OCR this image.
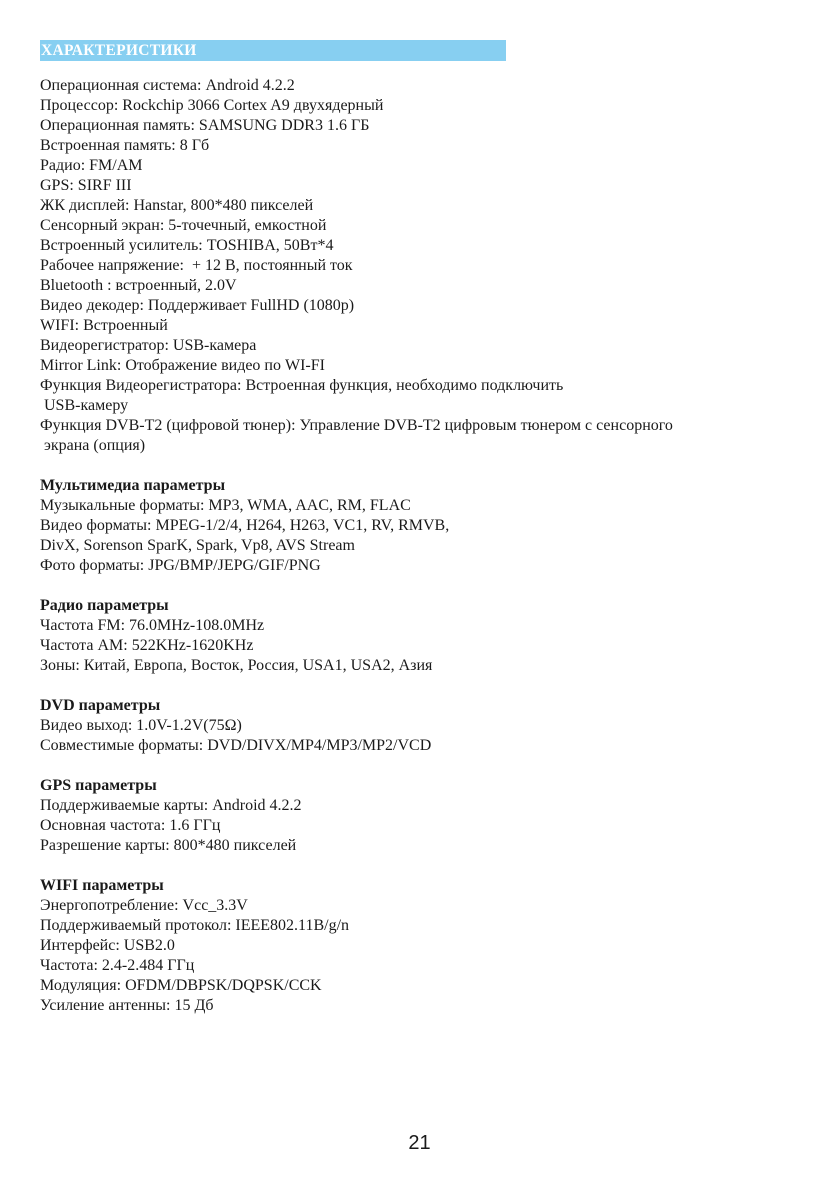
ХАРАКТЕРИСТИКИ
Операционная система: Android 4.2.2
Процессор: Rockchip 3066 Cortex A9 двухядерный
Операционная память: SAMSUNG DDR3 1.6 ГБ
Встроенная память: 8 Гб
Радио: FM/AM
GPS: SIRF III
ЖК дисплей: Hanstar, 800*480 пикселей
Сенсорный экран: 5-точечный, емкостной
Встроенный усилитель: TOSHIBA, 50Вт*4
Рабочее напряжение:  + 12 В, постоянный ток
Bluetooth : встроенный, 2.0V
Видео декодер: Поддерживает FullHD (1080p)
WIFI: Встроенный
Видеорегистратор: USB-камера
Mirror Link: Отображение видео по WI-FI
Функция Видеорегистратора: Встроенная функция, необходимо подключить
USB-камеру
Функция DVB-T2 (цифровой тюнер): Управление DVB-T2 цифровым тюнером с сенсорного
экрана (опция)
Мультимедиа параметры
Музыкальные форматы: MP3, WMA, AAC, RM, FLAC
Видео форматы: MPEG-1/2/4, H264, H263, VC1, RV, RMVB,
DivX, Sorenson SparK, Spark, Vp8, AVS Stream
Фото форматы: JPG/BMP/JEPG/GIF/PNG
Радио параметры
Частота FM: 76.0MHz-108.0MHz
Частота AM: 522KHz-1620KHz
Зоны: Китай, Европа, Восток, Россия, USA1, USA2, Азия
DVD параметры
Видео выход: 1.0V-1.2V(75Ω)
Совместимые форматы: DVD/DIVX/MP4/MP3/MP2/VCD
GPS параметры
Поддерживаемые карты: Android 4.2.2
Основная частота: 1.6 ГГц
Разрешение карты: 800*480 пикселей
WIFI параметры
Энергопотребление: Vcc_3.3V
Поддерживаемый протокол: IEEE802.11B/g/n
Интерфейс: USB2.0
Частота: 2.4-2.484 ГГц
Модуляция: OFDM/DBPSK/DQPSK/CCK
Усиление антенны: 15 Дб
21
